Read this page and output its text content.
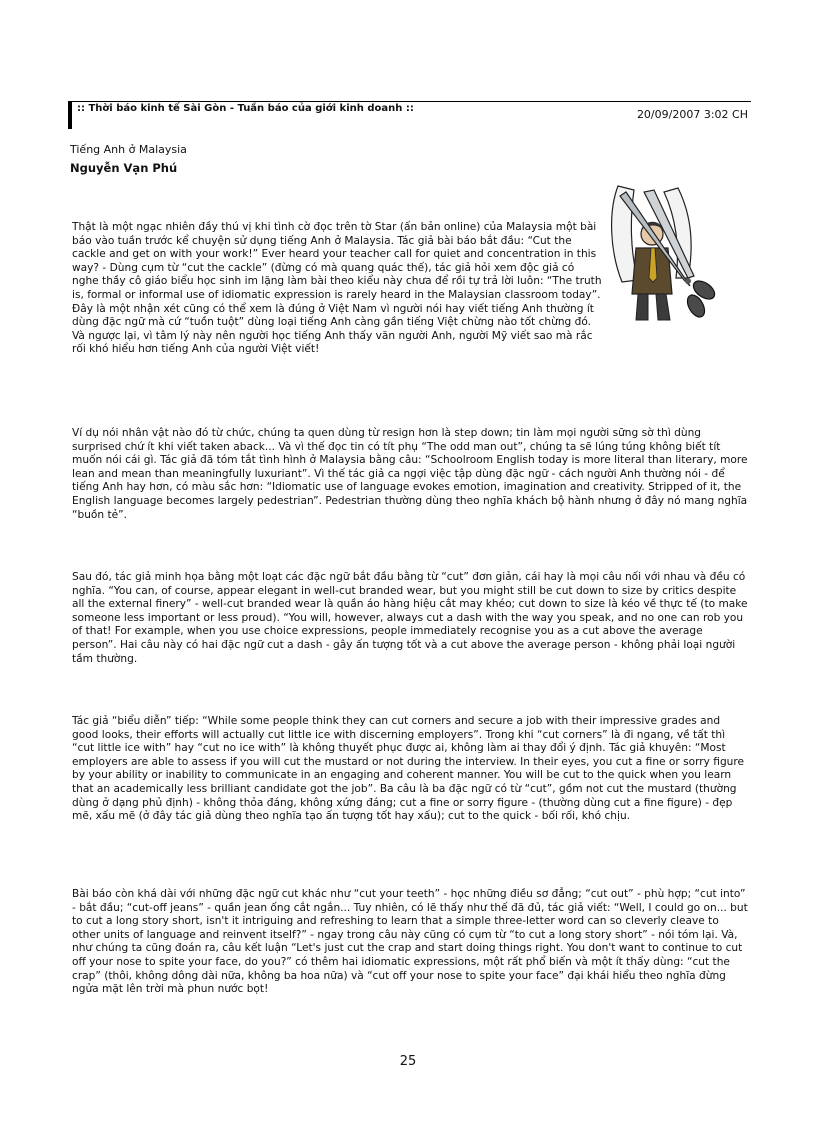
:: Thời báo kinh tế Sài Gòn - Tuần báo của giới kinh doanh ::	20/09/2007 3:02 CH
Tiếng Anh ở Malaysia
Nguyễn Vạn Phú

Thật là một ngạc nhiên đầy thú vị khi tình cờ đọc trên tờ Star (ấn bản online) của Malaysia một bài báo vào tuần trước kể chuyện sử dụng tiếng Anh ở Malaysia. Tác giả bài báo bắt đầu: “Cut the cackle and get on with your work!” Ever heard your teacher call for quiet and concentration in this way? - Dùng cụm từ “cut the cackle” (đừng có mà quang quác thế), tác giả hỏi xem độc giả có nghe thầy cô giáo biểu học sinh im lặng làm bài theo kiểu này chưa để rồi tự trả lời luôn: “The truth is, formal or informal use of idiomatic expression is rarely heard in the Malaysian classroom today”. Đây là một nhận xét cũng có thể xem là đúng ở Việt Nam vì người nói hay viết tiếng Anh thường ít dùng đặc ngữ mà cứ “tuồn tuột” dùng loại tiếng Anh càng gần tiếng Việt chừng nào tốt chừng đó. Và ngược lại, vì tâm lý này nên người học tiếng Anh thấy văn người Anh, người Mỹ viết sao mà rắc rối khó hiểu hơn tiếng Anh của người Việt viết!

Ví dụ nói nhân vật nào đó từ chức, chúng ta quen dùng từ resign hơn là step down; tin làm mọi người sững sờ thì dùng surprised chứ ít khi viết taken aback... Và vì thế đọc tin có tít phụ “The odd man out”, chúng ta sẽ lúng túng không biết tít muốn nói cái gì. Tác giả đã tóm tắt tình hình ở Malaysia bằng câu: “Schoolroom English today is more literal than literary, more lean and mean than meaningfully luxuriant”. Vì thế tác giả ca ngợi việc tập dùng đặc ngữ - cách người Anh thường nói - để tiếng Anh hay hơn, có màu sắc hơn: “Idiomatic use of language evokes emotion, imagination and creativity. Stripped of it, the English language becomes largely pedestrian”. Pedestrian thường dùng theo nghĩa khách bộ hành nhưng ở đây nó mang nghĩa “buồn tẻ”.

Sau đó, tác giả minh họa bằng một loạt các đặc ngữ bắt đầu bằng từ “cut” đơn giản, cái hay là mọi câu nối với nhau và đều có nghĩa. “You can, of course, appear elegant in well-cut branded wear, but you might still be cut down to size by critics despite all the external finery” - well-cut branded wear là quần áo hàng hiệu cắt may khéo; cut down to size là kéo về thực tế (to make someone less important or less proud). “You will, however, always cut a dash with the way you speak, and no one can rob you of that! For example, when you use choice expressions, people immediately recognise you as a cut above the average person”. Hai câu này có hai đặc ngữ cut a dash - gây ấn tượng tốt và a cut above the average person - không phải loại người tầm thường.

Tác giả “biểu diễn” tiếp: “While some people think they can cut corners and secure a job with their impressive grades and good looks, their efforts will actually cut little ice with discerning employers”. Trong khi “cut corners” là đi ngang, về tất thì “cut little ice with” hay “cut no ice with” là không thuyết phục được ai, không làm ai thay đổi ý định. Tác giả khuyên: “Most employers are able to assess if you will cut the mustard or not during the interview. In their eyes, you cut a fine or sorry figure by your ability or inability to communicate in an engaging and coherent manner. You will be cut to the quick when you learn that an academically less brilliant candidate got the job”. Ba câu là ba đặc ngữ có từ “cut”, gồm not cut the mustard (thường dùng ở dạng phủ định) - không thỏa đáng, không xứng đáng; cut a fine or sorry figure - (thường dùng cut a fine figure) - đẹp mẽ, xấu mẽ (ở đây tác giả dùng theo nghĩa tạo ấn tượng tốt hay xấu); cut to the quick - bối rối, khó chịu.

Bài báo còn khá dài với những đặc ngữ cut khác như “cut your teeth” - học những điều sơ đẳng; “cut out” - phù hợp; “cut into” - bắt đầu; “cut-off jeans” - quần jean ống cắt ngắn... Tuy nhiên, có lẽ thấy như thế đã đủ, tác giả viết: “Well, I could go on... but to cut a long story short, isn't it intriguing and refreshing to learn that a simple three-letter word can so cleverly cleave to other units of language and reinvent itself?” - ngay trong câu này cũng có cụm từ “to cut a long story short” - nói tóm lại. Và, như chúng ta cũng đoán ra, câu kết luận “Let's just cut the crap and start doing things right. You don't want to continue to cut off your nose to spite your face, do you?” có thêm hai idiomatic expressions, một rất phổ biến và một ít thấy dùng: “cut the crap” (thôi, không dông dài nữa, không ba hoa nữa) và “cut off your nose to spite your face” đại khái hiểu theo nghĩa đừng ngửa mặt lên trời mà phun nước bọt!

25
